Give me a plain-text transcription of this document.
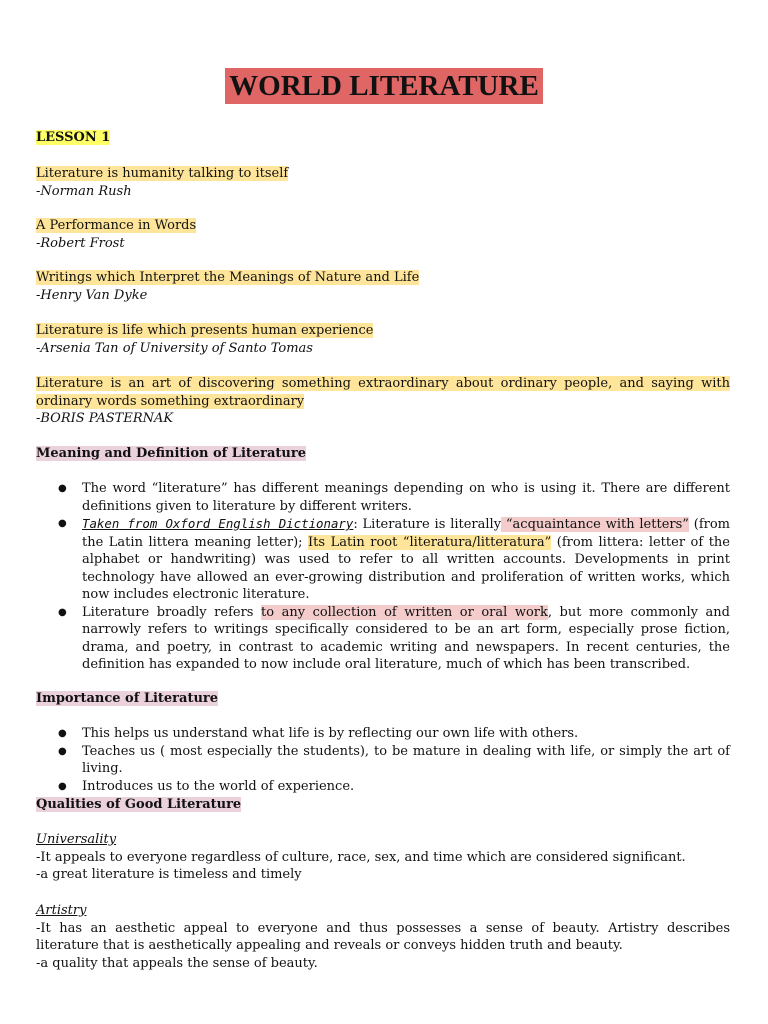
WORLD LITERATURE
LESSON 1
Literature is humanity talking to itself
-Norman Rush
A Performance in Words
-Robert Frost
Writings which Interpret the Meanings of Nature and Life
-Henry Van Dyke
Literature is life which presents human experience
-Arsenia Tan of University of Santo Tomas
Literature is an art of discovering something extraordinary about ordinary people, and saying with ordinary words something extraordinary
-BORIS PASTERNAK
Meaning and Definition of Literature
● The word “literature” has different meanings depending on who is using it. There are different definitions given to literature by different writers.
● Taken from Oxford English Dictionary: Literature is literally “acquaintance with letters” (from the Latin littera meaning letter); Its Latin root “literatura/litteratura” (from littera: letter of the alphabet or handwriting) was used to refer to all written accounts. Developments in print technology have allowed an ever-growing distribution and proliferation of written works, which now includes electronic literature.
● Literature broadly refers to any collection of written or oral work, but more commonly and narrowly refers to writings specifically considered to be an art form, especially prose fiction, drama, and poetry, in contrast to academic writing and newspapers. In recent centuries, the definition has expanded to now include oral literature, much of which has been transcribed.
Importance of Literature
● This helps us understand what life is by reflecting our own life with others.
● Teaches us ( most especially the students), to be mature in dealing with life, or simply the art of living.
● Introduces us to the world of experience.
Qualities of Good Literature
Universality
-It appeals to everyone regardless of culture, race, sex, and time which are considered significant.
-a great literature is timeless and timely
Artistry
-It has an aesthetic appeal to everyone and thus possesses a sense of beauty. Artistry describes literature that is aesthetically appealing and reveals or conveys hidden truth and beauty.
-a quality that appeals the sense of beauty.
